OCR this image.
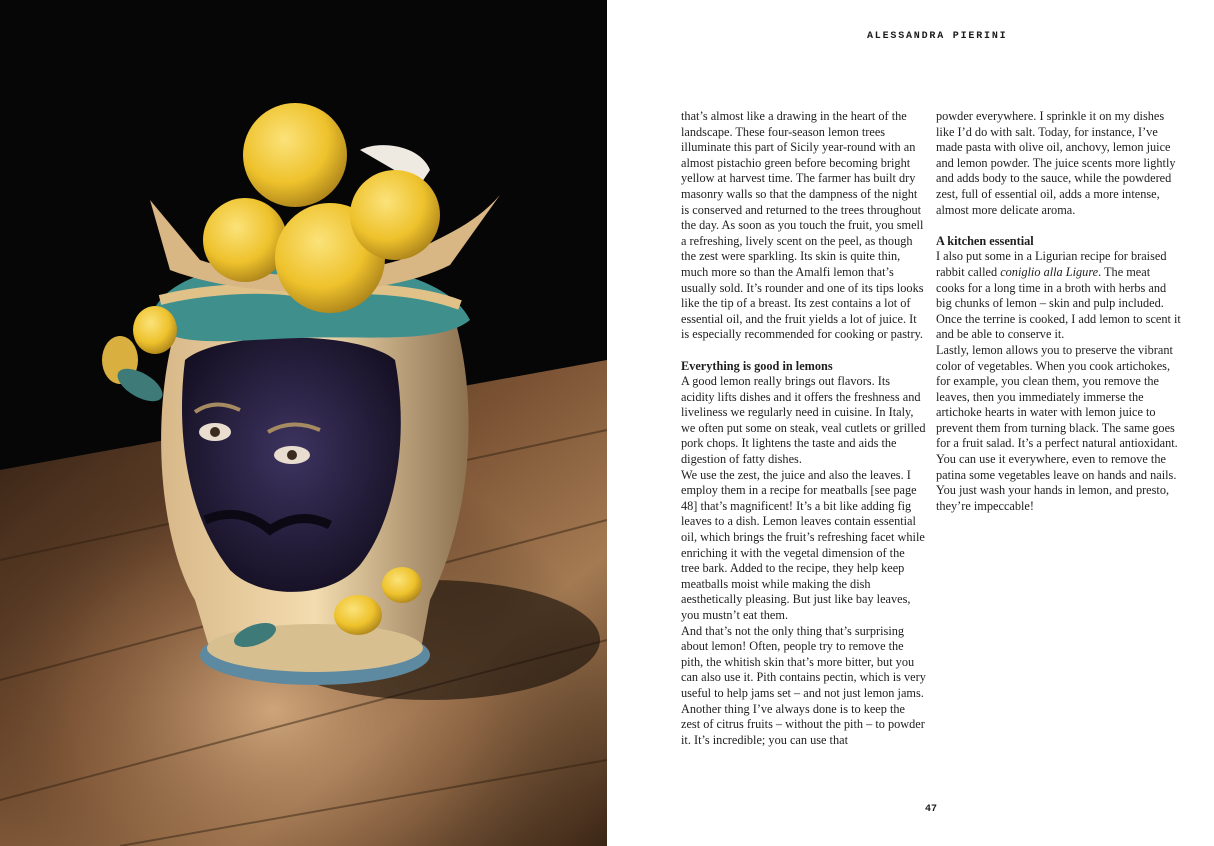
ALESSANDRA PIERINI

that’s almost like a drawing in the heart of the landscape. These four-season lemon trees illuminate this part of Sicily year-round with an almost pistachio green before becoming bright yellow at harvest time. The farmer has built dry masonry walls so that the dampness of the night is conserved and returned to the trees throughout the day. As soon as you touch the fruit, you smell a refreshing, lively scent on the peel, as though the zest were sparkling. Its skin is quite thin, much more so than the Amalfi lemon that’s usually sold. It’s rounder and one of its tips looks like the tip of a breast. Its zest contains a lot of essential oil, and the fruit yields a lot of juice. It is especially recommended for cooking or pastry.

Everything is good in lemons

A good lemon really brings out flavors. Its acidity lifts dishes and it offers the freshness and liveliness we regularly need in cuisine. In Italy, we often put some on steak, veal cutlets or grilled pork chops. It lightens the taste and aids the digestion of fatty dishes.

We use the zest, the juice and also the leaves. I employ them in a recipe for meatballs [see page 48] that’s magnificent! It’s a bit like adding fig leaves to a dish. Lemon leaves contain essential oil, which brings the fruit’s refreshing facet while enriching it with the vegetal dimension of the tree bark. Added to the recipe, they help keep meatballs moist while making the dish aesthetically pleasing. But just like bay leaves, you mustn’t eat them.

And that’s not the only thing that’s surprising about lemon! Often, people try to remove the pith, the whitish skin that’s more bitter, but you can also use it. Pith contains pectin, which is very useful to help jams set – and not just lemon jams.

Another thing I’ve always done is to keep the zest of citrus fruits – without the pith – to powder it. It’s incredible; you can use that

powder everywhere. I sprinkle it on my dishes like I’d do with salt. Today, for instance, I’ve made pasta with olive oil, anchovy, lemon juice and lemon powder. The juice scents more lightly and adds body to the sauce, while the powdered zest, full of essential oil, adds a more intense, almost more delicate aroma.

A kitchen essential

I also put some in a Ligurian recipe for braised rabbit called coniglio alla Ligure. The meat cooks for a long time in a broth with herbs and big chunks of lemon – skin and pulp included. Once the terrine is cooked, I add lemon to scent it and be able to conserve it.

Lastly, lemon allows you to preserve the vibrant color of vegetables. When you cook artichokes, for example, you clean them, you remove the leaves, then you immediately immerse the artichoke hearts in water with lemon juice to prevent them from turning black. The same goes for a fruit salad. It’s a perfect natural antioxidant. You can use it everywhere, even to remove the patina some vegetables leave on hands and nails. You just wash your hands in lemon, and presto, they’re impeccable!

47
